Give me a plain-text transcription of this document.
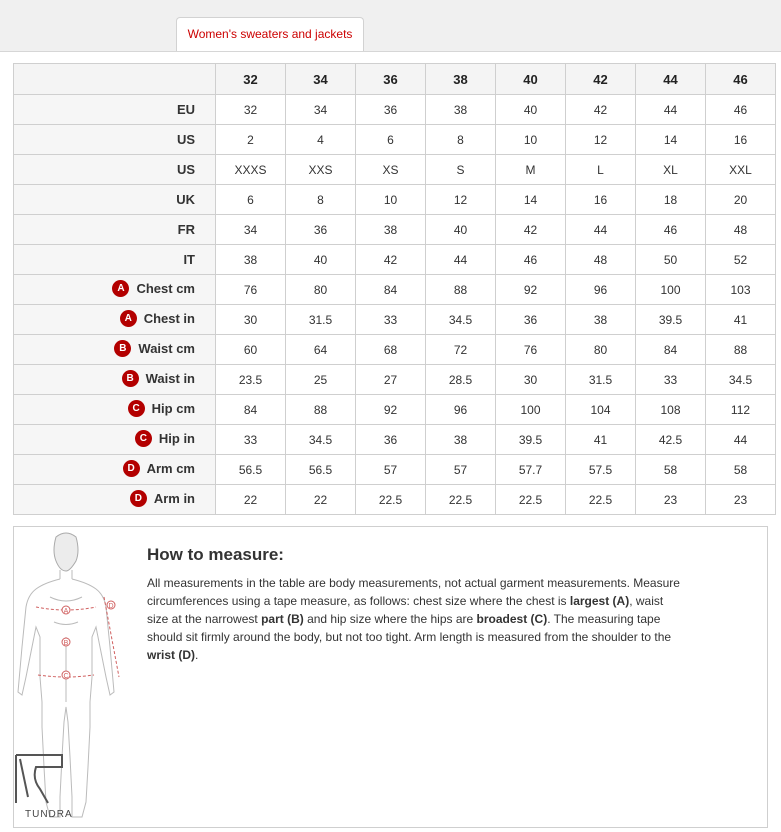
Women's sweaters and jackets
	32	34	36	38	40	42	44	46
EU	32	34	36	38	40	42	44	46
US	2	4	6	8	10	12	14	16
US	XXXS	XXS	XS	S	M	L	XL	XXL
UK	6	8	10	12	14	16	18	20
FR	34	36	38	40	42	44	46	48
IT	38	40	42	44	46	48	50	52
A Chest cm	76	80	84	88	92	96	100	103
A Chest in	30	31.5	33	34.5	36	38	39.5	41
B Waist cm	60	64	68	72	76	80	84	88
B Waist in	23.5	25	27	28.5	30	31.5	33	34.5
C Hip cm	84	88	92	96	100	104	108	112
C Hip in	33	34.5	36	38	39.5	41	42.5	44
D Arm cm	56.5	56.5	57	57	57.7	57.5	58	58
D Arm in	22	22	22.5	22.5	22.5	22.5	23	23
A
C
D
B
TUNDRA
How to measure:

All measurements in the table are body measurements, not actual garment measurements. Measure circumferences using a tape measure, as follows: chest size where the chest is largest (A), waist size at the narrowest part (B) and hip size where the hips are broadest (C). The measuring tape should sit firmly around the body, but not too tight. Arm length is measured from the shoulder to the wrist (D).
